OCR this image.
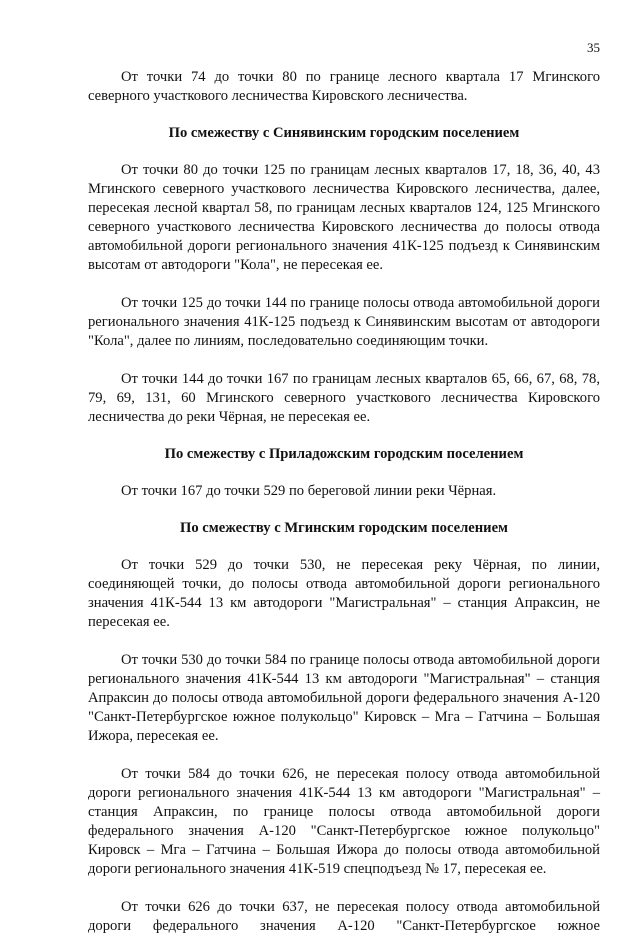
35

От точки 74 до точки 80 по границе лесного квартала 17 Мгинского северного участкового лесничества Кировского лесничества.

По смежеству с Синявинским городским поселением

От точки 80 до точки 125 по границам лесных кварталов 17, 18, 36, 40, 43 Мгинского северного участкового лесничества Кировского лесничества, далее, пересекая лесной квартал 58, по границам лесных кварталов 124, 125 Мгинского северного участкового лесничества Кировского лесничества до полосы отвода автомобильной дороги регионального значения 41К-125 подъезд к Синявинским высотам от автодороги "Кола", не пересекая ее.

От точки 125 до точки 144 по границе полосы отвода автомобильной дороги регионального значения 41К-125 подъезд к Синявинским высотам от автодороги "Кола", далее по линиям, последовательно соединяющим точки.

От точки 144 до точки 167 по границам лесных кварталов 65, 66, 67, 68, 78, 79, 69, 131, 60 Мгинского северного участкового лесничества Кировского лесничества до реки Чёрная, не пересекая ее.

По смежеству с Приладожским городским поселением

От точки 167 до точки 529 по береговой линии реки Чёрная.

По смежеству с Мгинским городским поселением

От точки 529 до точки 530, не пересекая реку Чёрная, по линии, соединяющей точки, до полосы отвода автомобильной дороги регионального значения 41К-544 13 км автодороги "Магистральная" – станция Апраксин, не пересекая ее.

От точки 530 до точки 584 по границе полосы отвода автомобильной дороги регионального значения 41К-544 13 км автодороги "Магистральная" – станция Апраксин до полосы отвода автомобильной дороги федерального значения А-120 "Санкт-Петербургское южное полукольцо" Кировск – Мга – Гатчина – Большая Ижора, пересекая ее.

От точки 584 до точки 626, не пересекая полосу отвода автомобильной дороги регионального значения 41К-544 13 км автодороги "Магистральная" – станция Апраксин, по границе полосы отвода автомобильной дороги федерального значения А-120 "Санкт-Петербургское южное полукольцо" Кировск – Мга – Гатчина – Большая Ижора до полосы отвода автомобильной дороги регионального значения 41К-519 спецподъезд № 17, пересекая ее.

От точки 626 до точки 637, не пересекая полосу отвода автомобильной дороги федерального значения А-120 "Санкт-Петербургское южное
